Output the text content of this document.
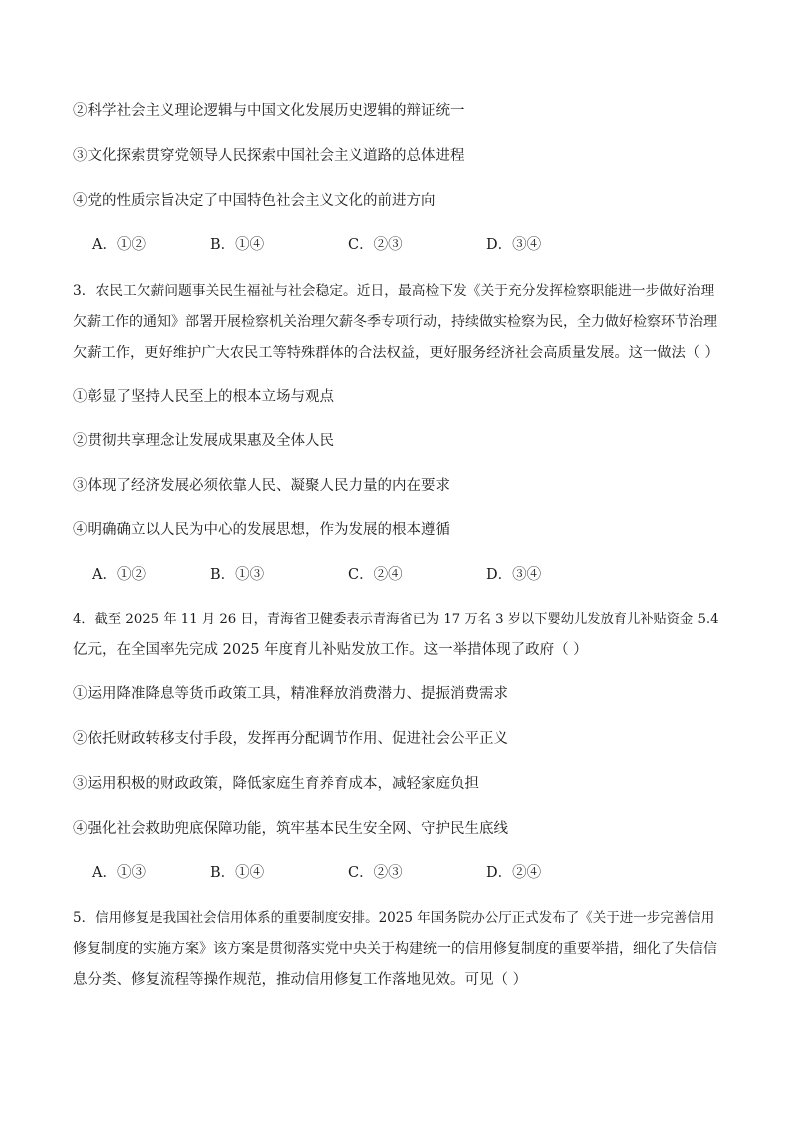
②科学社会主义理论逻辑与中国文化发展历史逻辑的辩证统一
③文化探索贯穿党领导人民探索中国社会主义道路的总体进程
④党的性质宗旨决定了中国特色社会主义文化的前进方向
A．①②	B．①④	C．②③	D．③④
3．农民工欠薪问题事关民生福祉与社会稳定。近日，最高检下发《关于充分发挥检察职能进一步做好治理
欠薪工作的通知》部署开展检察机关治理欠薪冬季专项行动，持续做实检察为民，全力做好检察环节治理
欠薪工作，更好维护广大农民工等特殊群体的合法权益，更好服务经济社会高质量发展。这一做法（ ）
①彰显了坚持人民至上的根本立场与观点
②贯彻共享理念让发展成果惠及全体人民
③体现了经济发展必须依靠人民、凝聚人民力量的内在要求
④明确确立以人民为中心的发展思想，作为发展的根本遵循
A．①②	B．①③	C．②④	D．③④
4．截至 2025 年 11 月 26 日，青海省卫健委表示青海省已为 17 万名 3 岁以下婴幼儿发放育儿补贴资金 5.4
亿元，在全国率先完成 2025 年度育儿补贴发放工作。这一举措体现了政府（ ）
①运用降准降息等货币政策工具，精准释放消费潜力、提振消费需求
②依托财政转移支付手段，发挥再分配调节作用、促进社会公平正义
③运用积极的财政政策，降低家庭生育养育成本，减轻家庭负担
④强化社会救助兜底保障功能，筑牢基本民生安全网、守护民生底线
A．①③	B．①④	C．②③	D．②④
5．信用修复是我国社会信用体系的重要制度安排。2025 年国务院办公厅正式发布了《关于进一步完善信用
修复制度的实施方案》该方案是贯彻落实党中央关于构建统一的信用修复制度的重要举措，细化了失信信
息分类、修复流程等操作规范，推动信用修复工作落地见效。可见（ ）
